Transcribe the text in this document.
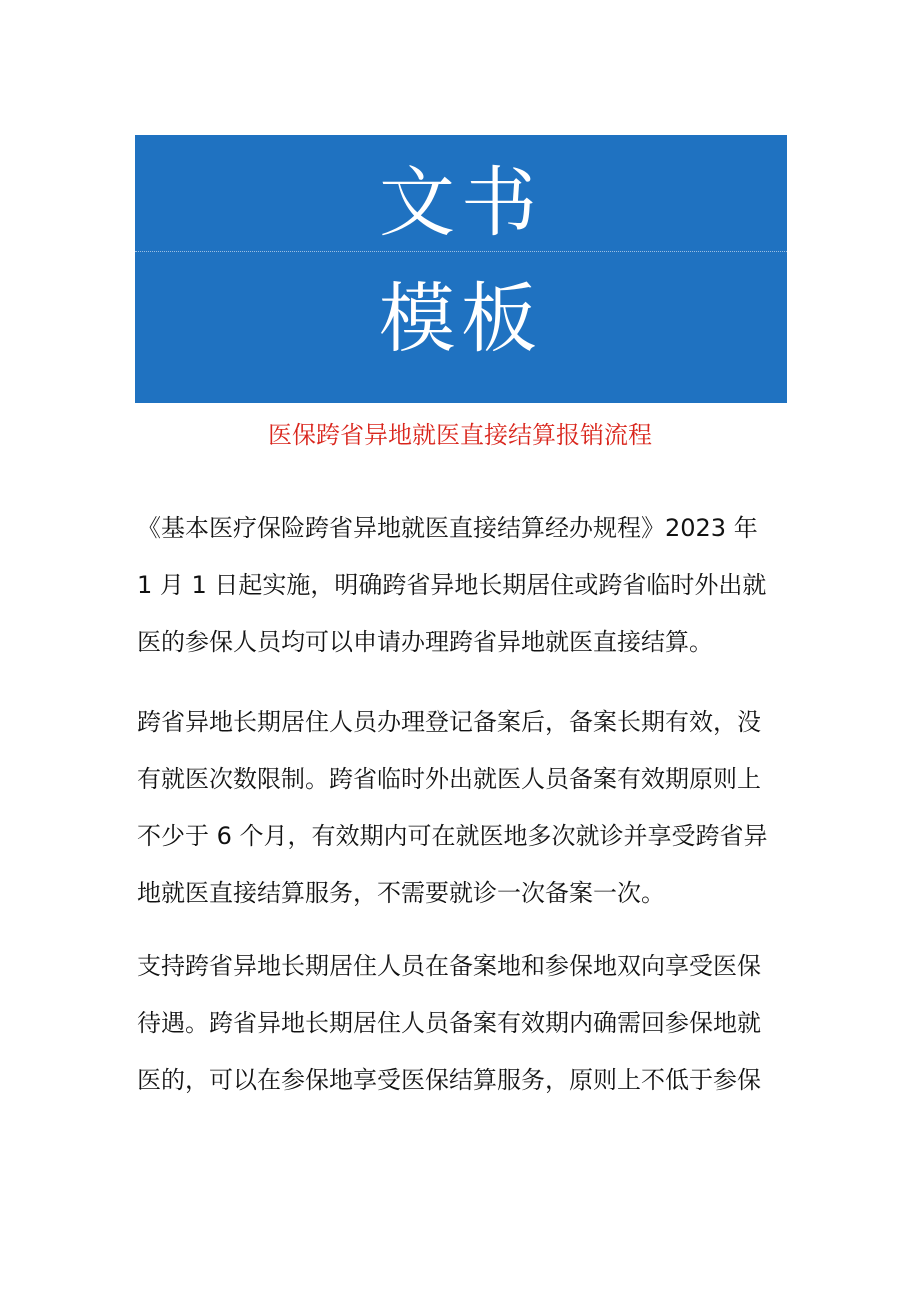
文书
模板
医保跨省异地就医直接结算报销流程

《基本医疗保险跨省异地就医直接结算经办规程》2023 年
1 月 1 日起实施，明确跨省异地长期居住或跨省临时外出就
医的参保人员均可以申请办理跨省异地就医直接结算。

跨省异地长期居住人员办理登记备案后，备案长期有效，没
有就医次数限制。跨省临时外出就医人员备案有效期原则上
不少于 6 个月，有效期内可在就医地多次就诊并享受跨省异
地就医直接结算服务，不需要就诊一次备案一次。

支持跨省异地长期居住人员在备案地和参保地双向享受医保
待遇。跨省异地长期居住人员备案有效期内确需回参保地就
医的，可以在参保地享受医保结算服务，原则上不低于参保
